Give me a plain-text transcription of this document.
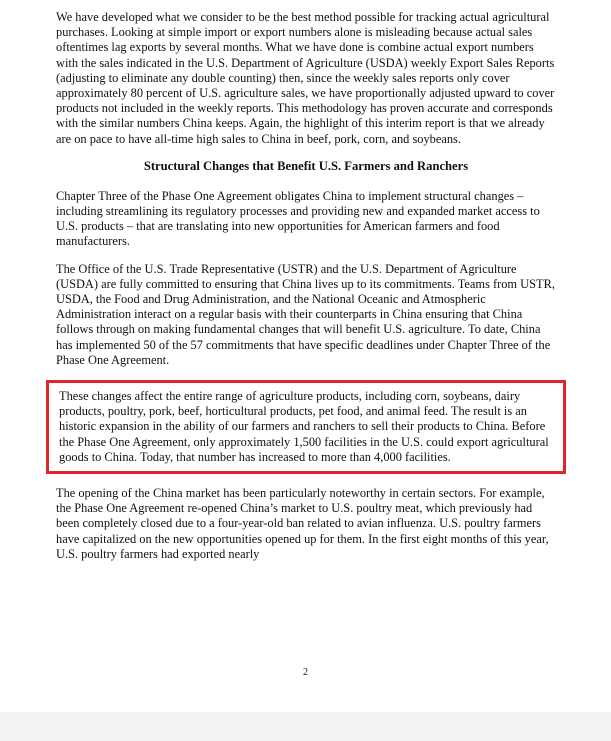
We have developed what we consider to be the best method possible for tracking actual agricultural purchases. Looking at simple import or export numbers alone is misleading because actual sales oftentimes lag exports by several months. What we have done is combine actual export numbers with the sales indicated in the U.S. Department of Agriculture (USDA) weekly Export Sales Reports (adjusting to eliminate any double counting) then, since the weekly sales reports only cover approximately 80 percent of U.S. agriculture sales, we have proportionally adjusted upward to cover products not included in the weekly reports. This methodology has proven accurate and corresponds with the similar numbers China keeps. Again, the highlight of this interim report is that we already are on pace to have all-time high sales to China in beef, pork, corn, and soybeans.

Structural Changes that Benefit U.S. Farmers and Ranchers

Chapter Three of the Phase One Agreement obligates China to implement structural changes – including streamlining its regulatory processes and providing new and expanded market access to U.S. products – that are translating into new opportunities for American farmers and food manufacturers.

The Office of the U.S. Trade Representative (USTR) and the U.S. Department of Agriculture (USDA) are fully committed to ensuring that China lives up to its commitments. Teams from USTR, USDA, the Food and Drug Administration, and the National Oceanic and Atmospheric Administration interact on a regular basis with their counterparts in China ensuring that China follows through on making fundamental changes that will benefit U.S. agriculture. To date, China has implemented 50 of the 57 commitments that have specific deadlines under Chapter Three of the Phase One Agreement.

These changes affect the entire range of agriculture products, including corn, soybeans, dairy products, poultry, pork, beef, horticultural products, pet food, and animal feed. The result is an historic expansion in the ability of our farmers and ranchers to sell their products to China. Before the Phase One Agreement, only approximately 1,500 facilities in the U.S. could export agricultural goods to China. Today, that number has increased to more than 4,000 facilities.

The opening of the China market has been particularly noteworthy in certain sectors. For example, the Phase One Agreement re-opened China’s market to U.S. poultry meat, which previously had been completely closed due to a four-year-old ban related to avian influenza. U.S. poultry farmers have capitalized on the new opportunities opened up for them. In the first eight months of this year, U.S. poultry farmers had exported nearly

2
